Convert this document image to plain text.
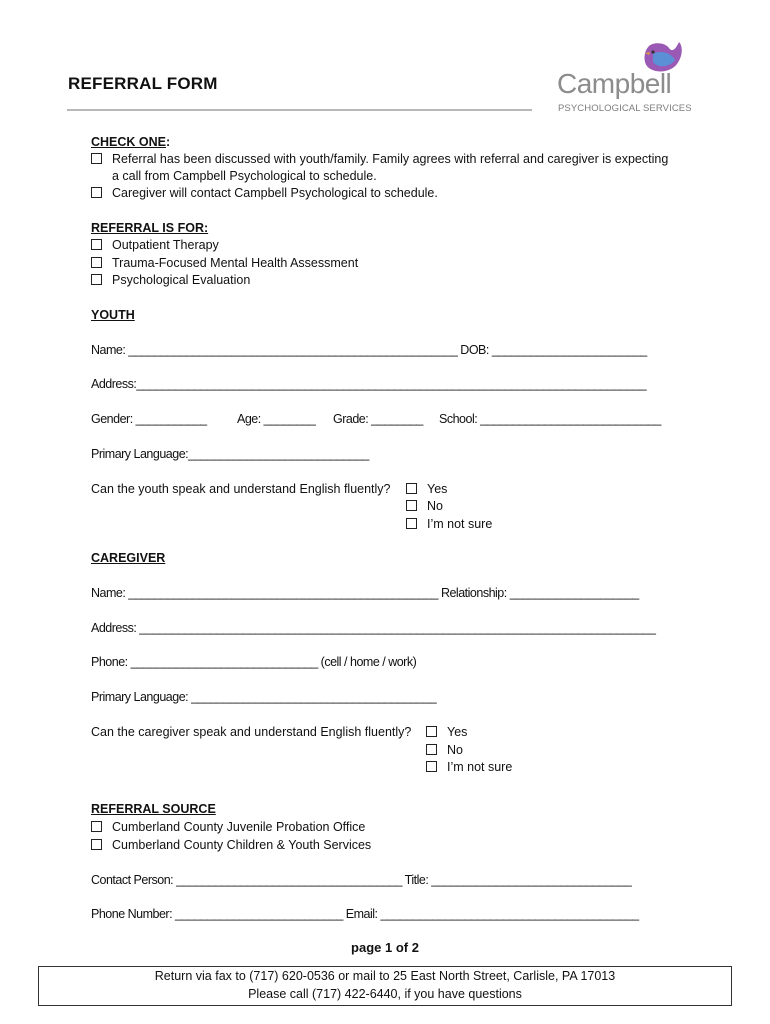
REFERRAL FORM	Campbell
PSYCHOLOGICAL SERVICES
CHECK ONE:
Referral has been discussed with youth/family. Family agrees with referral and caregiver is expecting
a call from Campbell Psychological to schedule.
Caregiver will contact Campbell Psychological to schedule.
REFERRAL IS FOR:
Outpatient Therapy
Trauma-Focused Mental Health Assessment
Psychological Evaluation
YOUTH
Name: ___________________________________________________ DOB: ________________________
Address:_______________________________________________________________________________
Gender: ___________ Age: ________ Grade: ________ School: ____________________________
Primary Language:____________________________
Can the youth speak and understand English fluently?	Yes
No
I’m not sure
CAREGIVER
Name: ________________________________________________ Relationship: ____________________
Address: ________________________________________________________________________________
Phone: _____________________________ (cell / home / work)
Primary Language: ______________________________________
Can the caregiver speak and understand English fluently?	Yes
No
I’m not sure
REFERRAL SOURCE
Cumberland County Juvenile Probation Office
Cumberland County Children & Youth Services
Contact Person: ___________________________________ Title: _______________________________
Phone Number: __________________________ Email: ________________________________________
page 1 of 2
Return via fax to (717) 620-0536 or mail to 25 East North Street, Carlisle, PA 17013
Please call (717) 422-6440, if you have questions
